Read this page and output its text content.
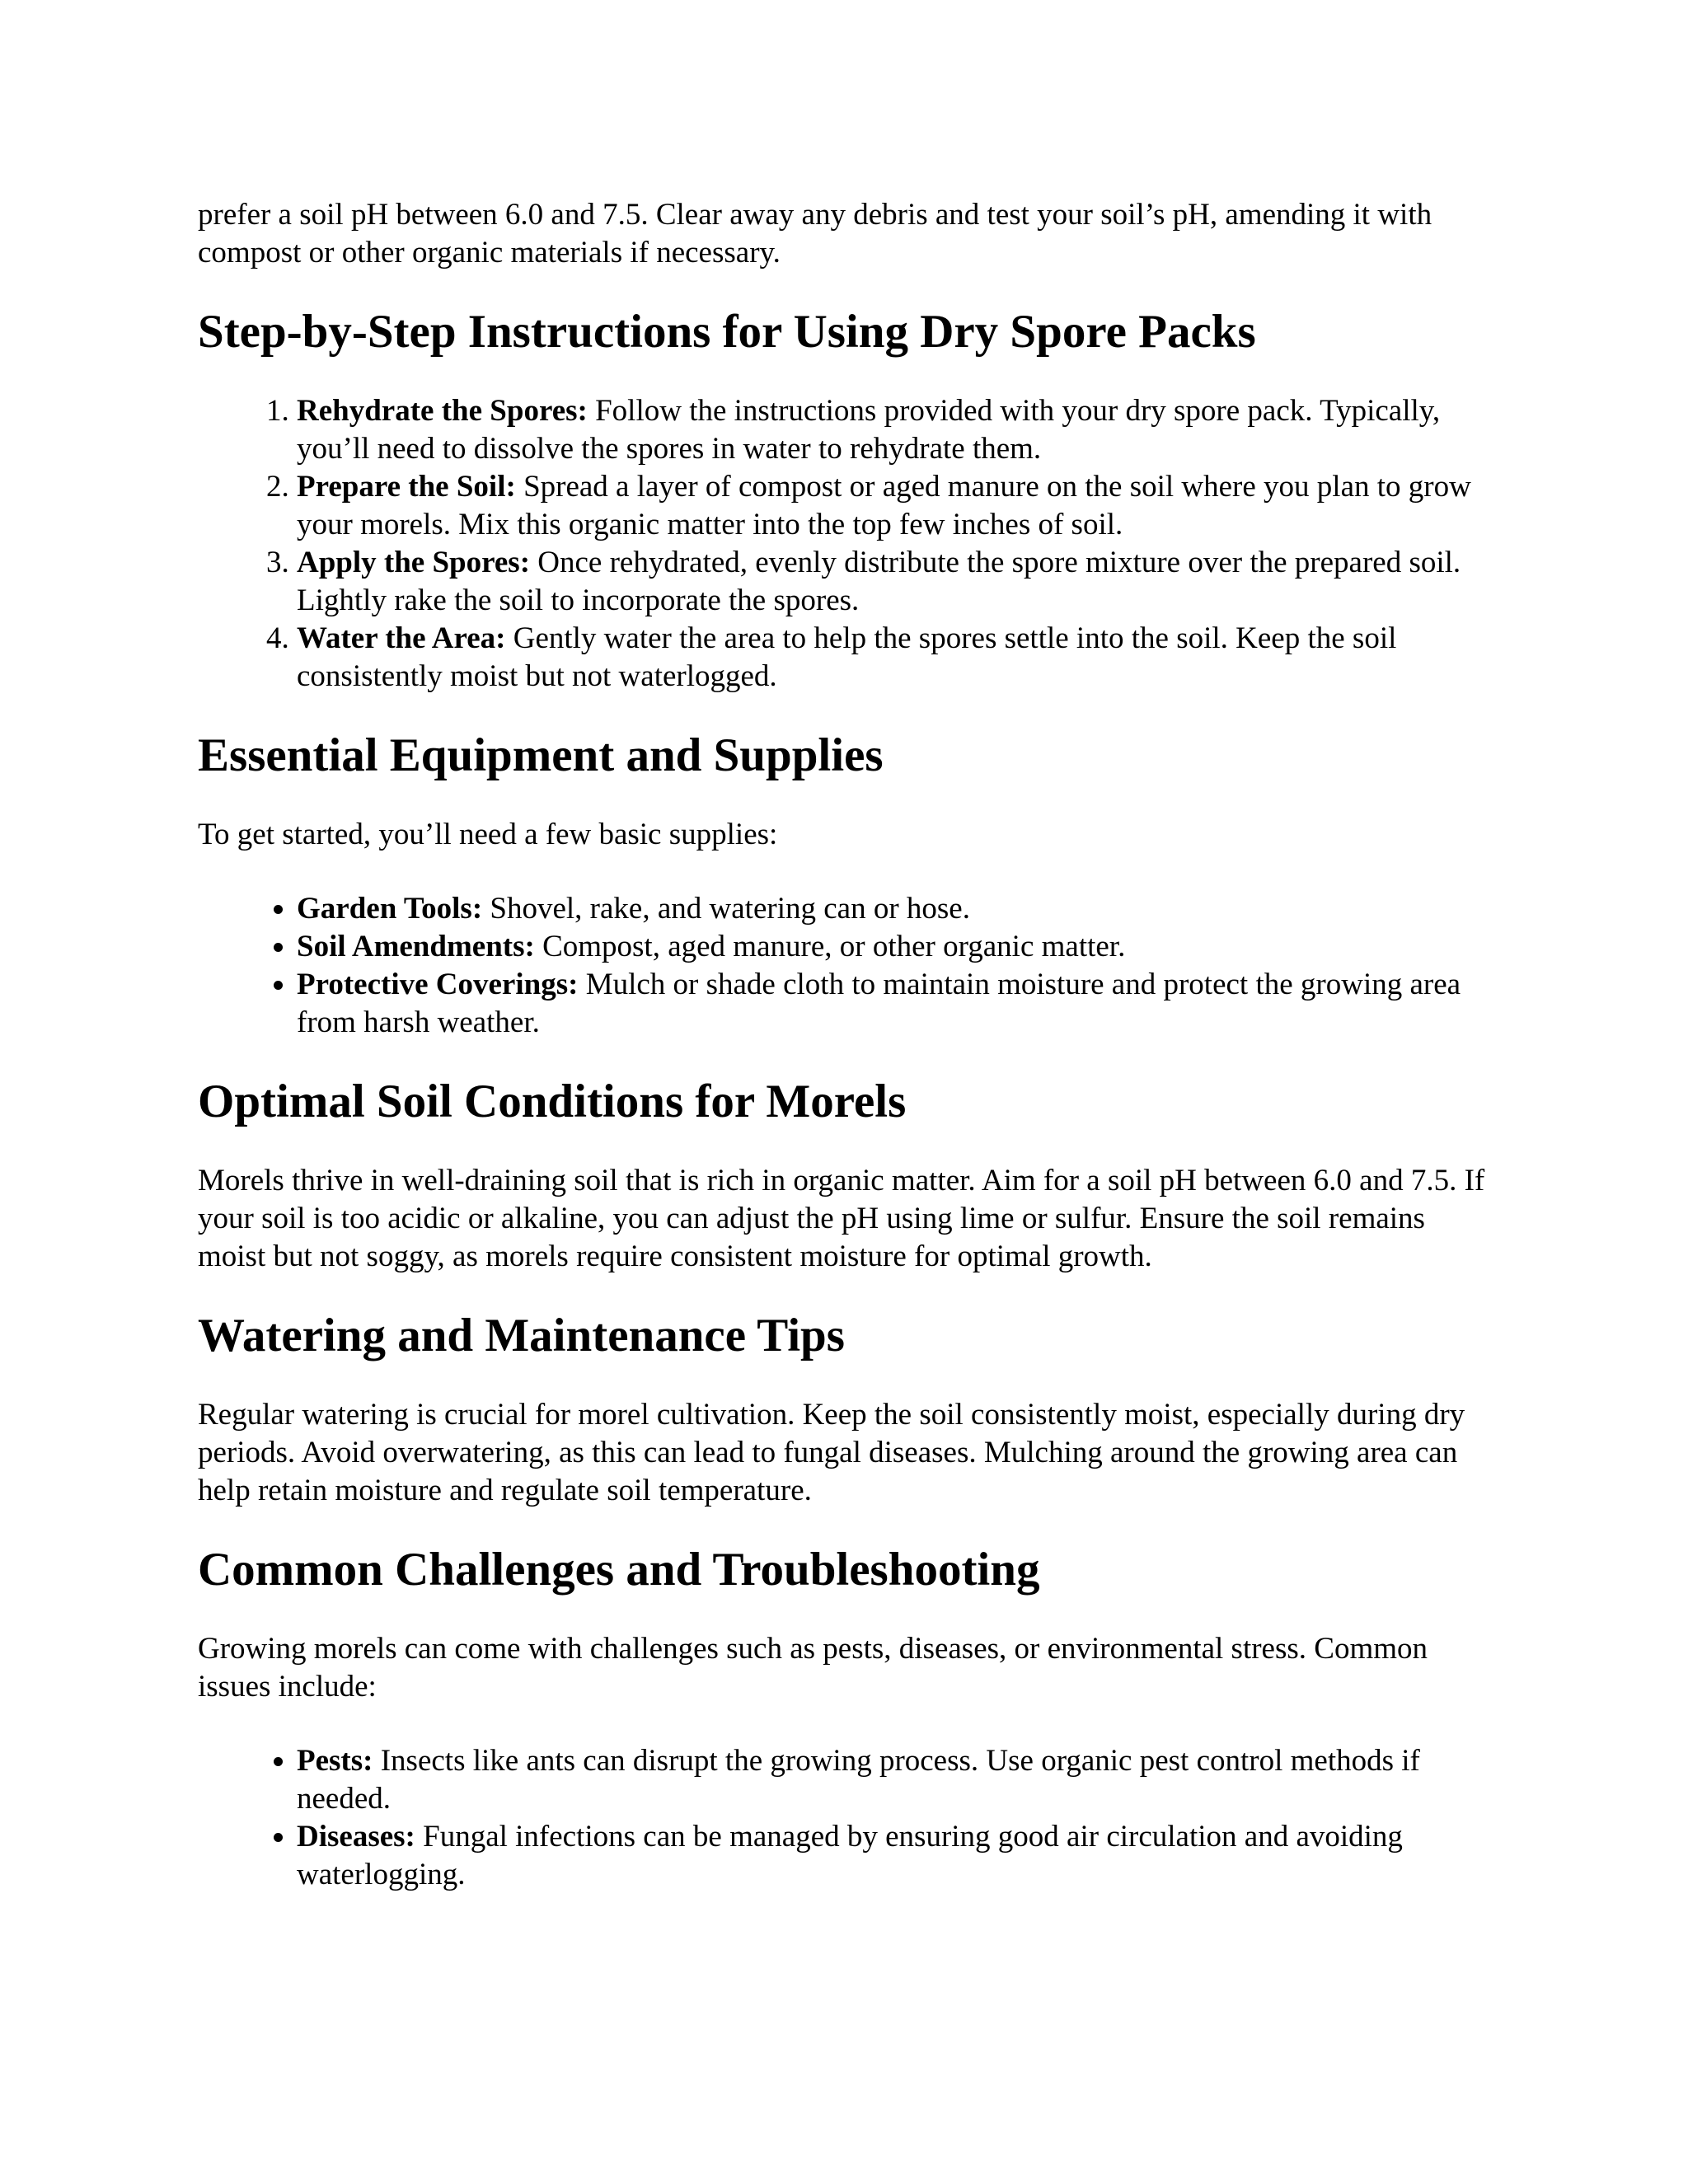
prefer a soil pH between 6.0 and 7.5. Clear away any debris and test your soil’s pH, amending it with compost or other organic materials if necessary.

Step-by-Step Instructions for Using Dry Spore Packs
1. Rehydrate the Spores: Follow the instructions provided with your dry spore pack. Typically, you’ll need to dissolve the spores in water to rehydrate them.
2. Prepare the Soil: Spread a layer of compost or aged manure on the soil where you plan to grow your morels. Mix this organic matter into the top few inches of soil.
3. Apply the Spores: Once rehydrated, evenly distribute the spore mixture over the prepared soil. Lightly rake the soil to incorporate the spores.
4. Water the Area: Gently water the area to help the spores settle into the soil. Keep the soil consistently moist but not waterlogged.
Essential Equipment and Supplies

To get started, you’ll need a few basic supplies:

• Garden Tools: Shovel, rake, and watering can or hose.
• Soil Amendments: Compost, aged manure, or other organic matter.
• Protective Coverings: Mulch or shade cloth to maintain moisture and protect the growing area from harsh weather.
Optimal Soil Conditions for Morels

Morels thrive in well-draining soil that is rich in organic matter. Aim for a soil pH between 6.0 and 7.5. If your soil is too acidic or alkaline, you can adjust the pH using lime or sulfur. Ensure the soil remains moist but not soggy, as morels require consistent moisture for optimal growth.

Watering and Maintenance Tips

Regular watering is crucial for morel cultivation. Keep the soil consistently moist, especially during dry periods. Avoid overwatering, as this can lead to fungal diseases. Mulching around the growing area can help retain moisture and regulate soil temperature.

Common Challenges and Troubleshooting

Growing morels can come with challenges such as pests, diseases, or environmental stress. Common issues include:

• Pests: Insects like ants can disrupt the growing process. Use organic pest control methods if needed.
• Diseases: Fungal infections can be managed by ensuring good air circulation and avoiding waterlogging.
